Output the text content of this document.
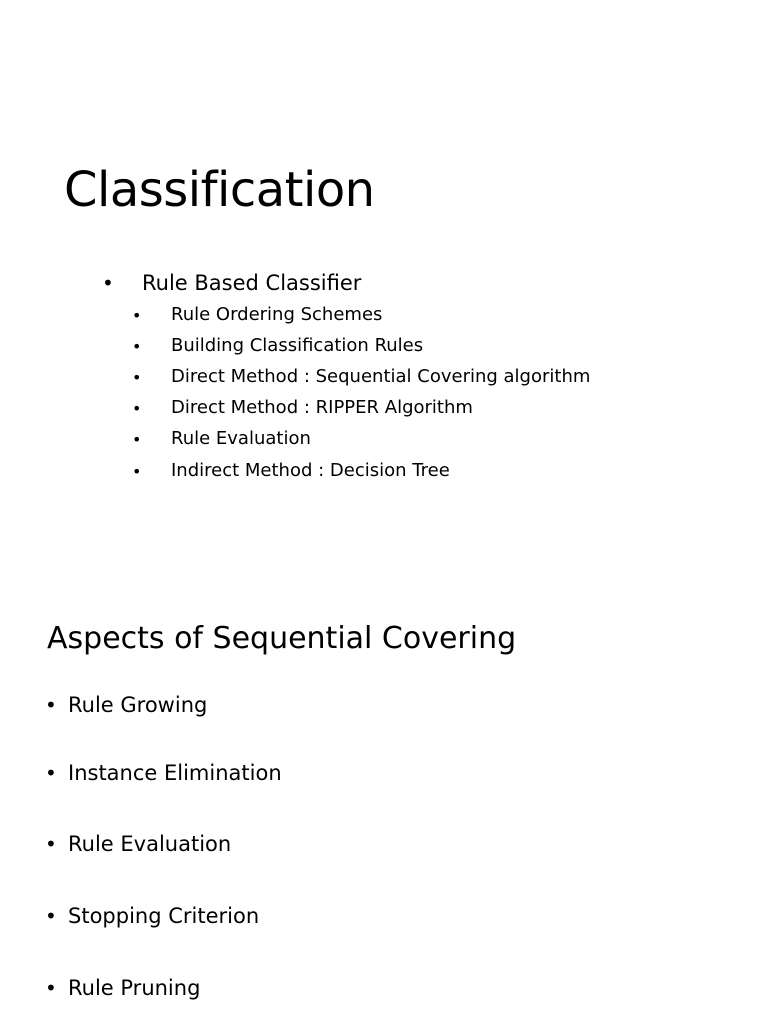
Classification
• Rule Based Classifier
• Rule Ordering Schemes
• Building Classification Rules
• Direct Method : Sequential Covering algorithm
• Direct Method : RIPPER Algorithm
• Rule Evaluation
• Indirect Method : Decision Tree
Aspects of Sequential Covering
• Rule Growing
• Instance Elimination
• Rule Evaluation
• Stopping Criterion
• Rule Pruning
